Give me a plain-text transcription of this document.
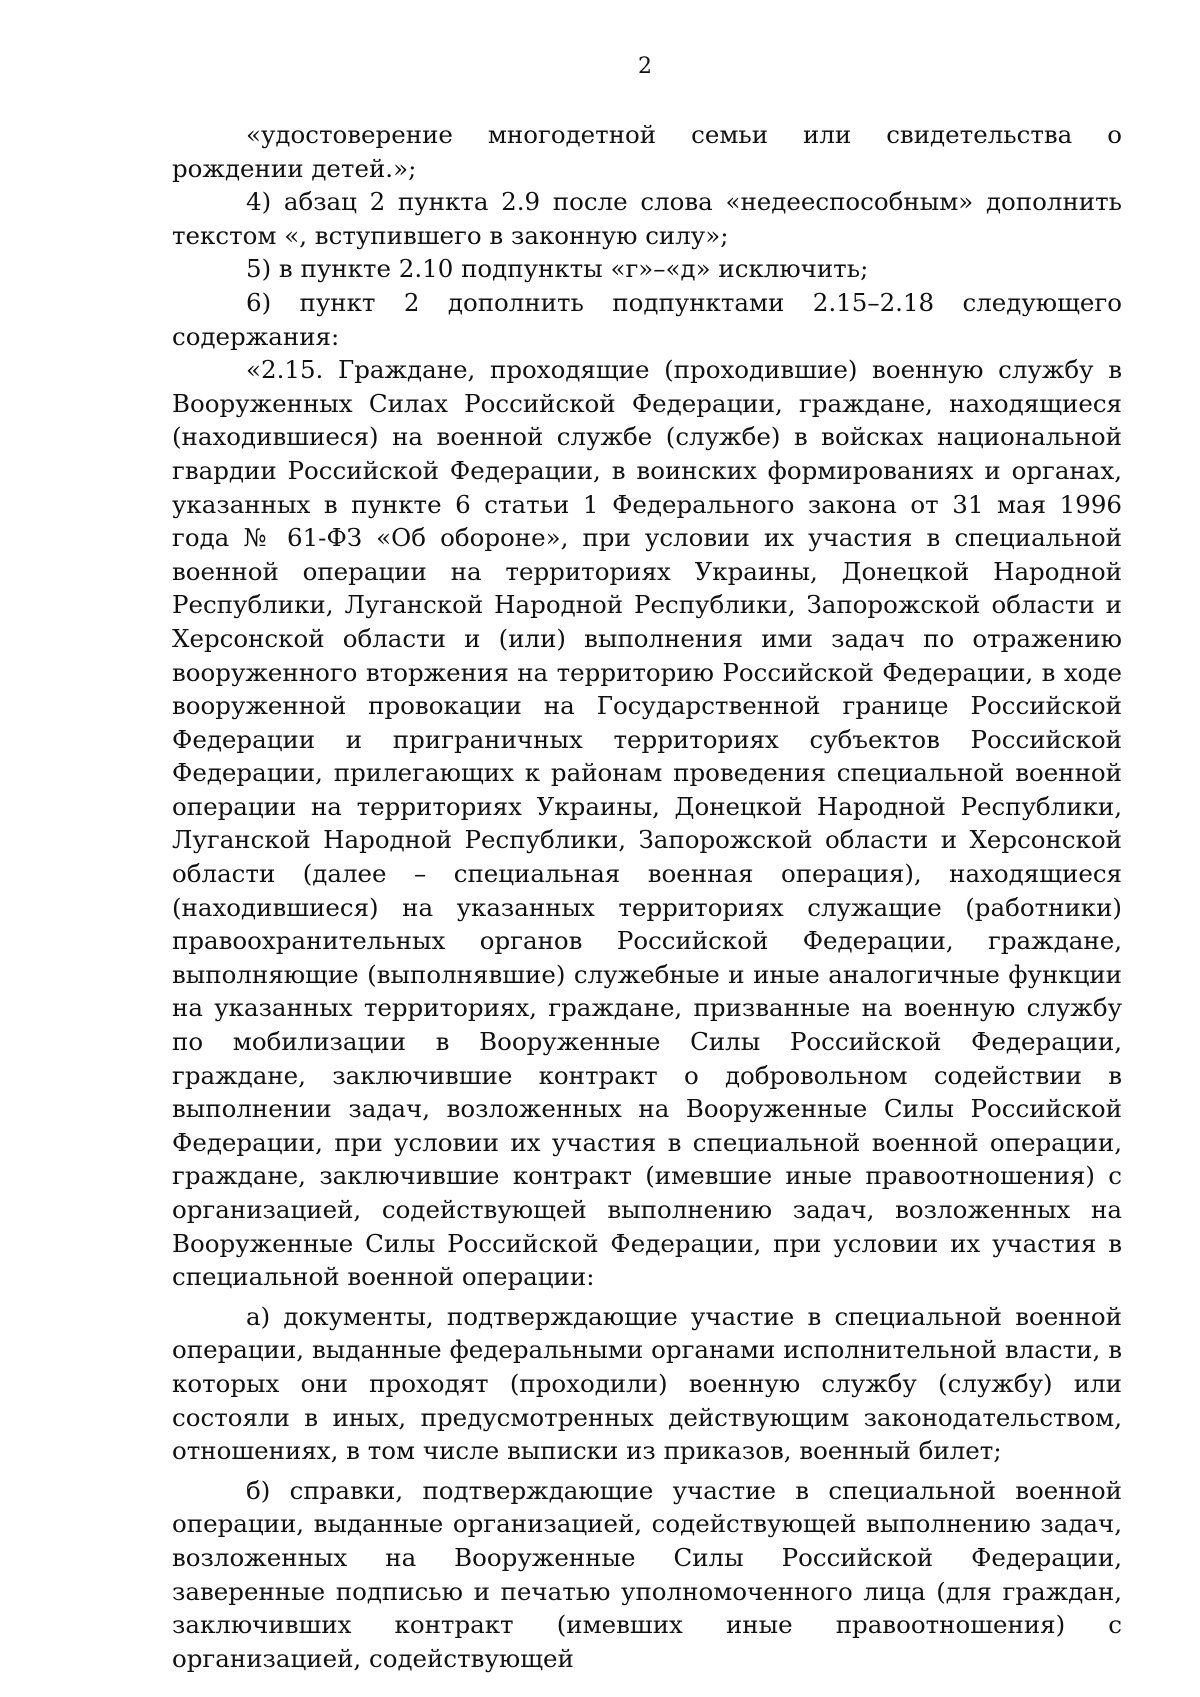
2

«удостоверение многодетной семьи или свидетельства о рождении детей.»;

4) абзац 2 пункта 2.9 после слова «недееспособным» дополнить текстом «, вступившего в законную силу»;

5) в пункте 2.10 подпункты «г»–«д» исключить;

6) пункт 2 дополнить подпунктами 2.15–2.18 следующего содержания:

«2.15. Граждане, проходящие (проходившие) военную службу в Вооруженных Силах Российской Федерации, граждане, находящиеся (находившиеся) на военной службе (службе) в войсках национальной гвардии Российской Федерации, в воинских формированиях и органах, указанных в пункте 6 статьи 1 Федерального закона от 31 мая 1996 года № 61-ФЗ «Об обороне», при условии их участия в специальной военной операции на территориях Украины, Донецкой Народной Республики, Луганской Народной Республики, Запорожской области и Херсонской области и (или) выполнения ими задач по отражению вооруженного вторжения на территорию Российской Федерации, в ходе вооруженной провокации на Государственной границе Российской Федерации и приграничных территориях субъектов Российской Федерации, прилегающих к районам проведения специальной военной операции на территориях Украины, Донецкой Народной Республики, Луганской Народной Республики, Запорожской области и Херсонской области (далее – специальная военная операция), находящиеся (находившиеся) на указанных территориях служащие (работники) правоохранительных органов Российской Федерации, граждане, выполняющие (выполнявшие) служебные и иные аналогичные функции на указанных территориях, граждане, призванные на военную службу по мобилизации в Вооруженные Силы Российской Федерации, граждане, заключившие контракт о добровольном содействии в выполнении задач, возложенных на Вооруженные Силы Российской Федерации, при условии их участия в специальной военной операции, граждане, заключившие контракт (имевшие иные правоотношения) с организацией, содействующей выполнению задач, возложенных на Вооруженные Силы Российской Федерации, при условии их участия в специальной военной операции:

а) документы, подтверждающие участие в специальной военной операции, выданные федеральными органами исполнительной власти, в которых они проходят (проходили) военную службу (службу) или состояли в иных, предусмотренных действующим законодательством, отношениях, в том числе выписки из приказов, военный билет;

б) справки, подтверждающие участие в специальной военной операции, выданные организацией, содействующей выполнению задач, возложенных на Вооруженные Силы Российской Федерации, заверенные подписью и печатью уполномоченного лица (для граждан, заключивших контракт (имевших иные правоотношения) с организацией, содействующей
